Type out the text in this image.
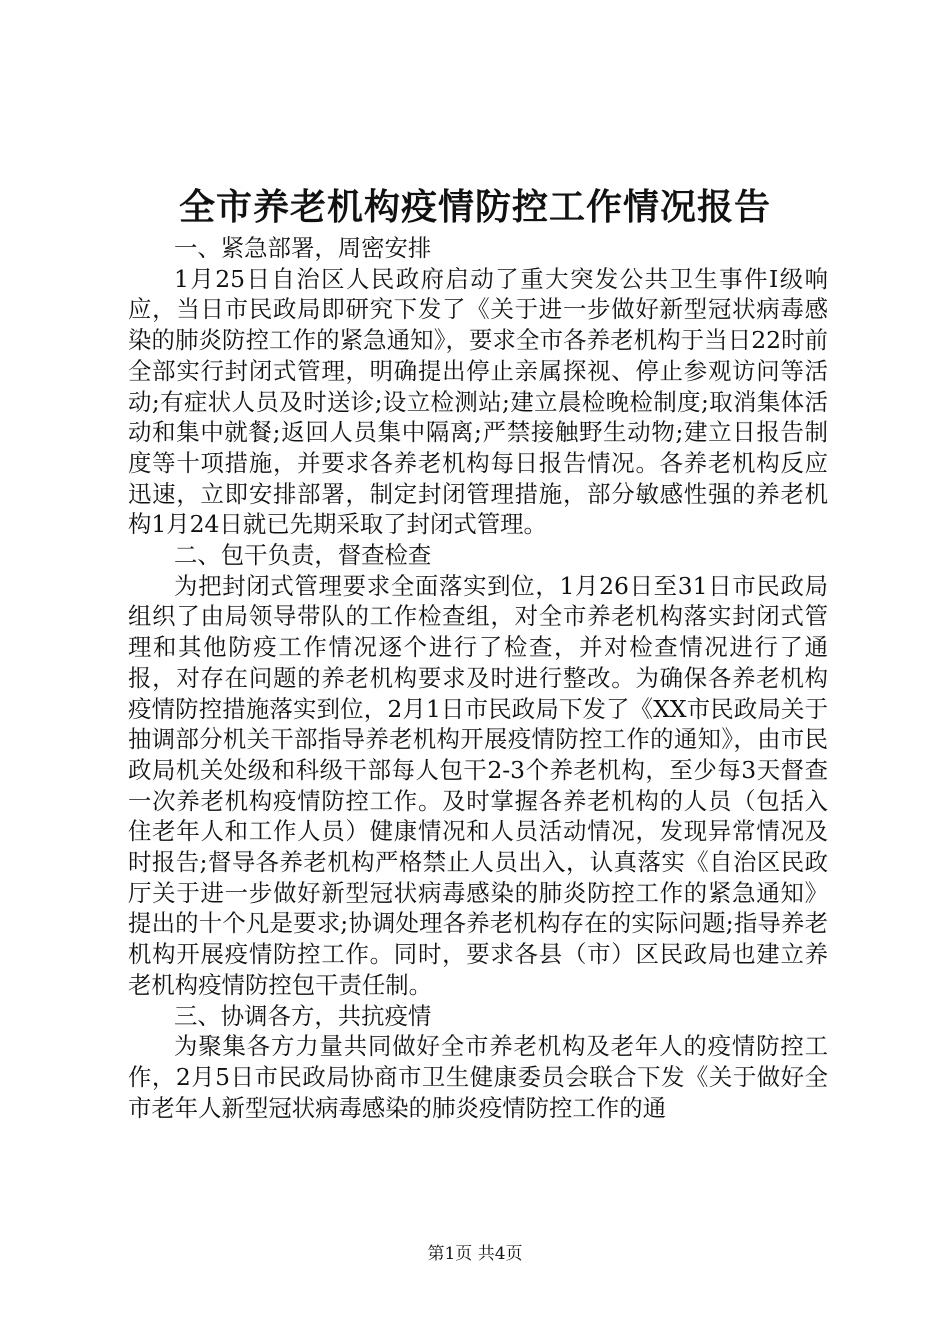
全市养老机构疫情防控工作情况报告

一、紧急部署，周密安排

1月25日自治区人民政府启动了重大突发公共卫生事件Ⅰ级响应，当日市民政局即研究下发了《关于进一步做好新型冠状病毒感染的肺炎防控工作的紧急通知》，要求全市各养老机构于当日22时前全部实行封闭式管理，明确提出停止亲属探视、停止参观访问等活动;有症状人员及时送诊;设立检测站;建立晨检晚检制度;取消集体活动和集中就餐;返回人员集中隔离;严禁接触野生动物;建立日报告制度等十项措施，并要求各养老机构每日报告情况。各养老机构反应迅速，立即安排部署，制定封闭管理措施，部分敏感性强的养老机构1月24日就已先期采取了封闭式管理。

二、包干负责，督查检查

为把封闭式管理要求全面落实到位，1月26日至31日市民政局组织了由局领导带队的工作检查组，对全市养老机构落实封闭式管理和其他防疫工作情况逐个进行了检查，并对检查情况进行了通报，对存在问题的养老机构要求及时进行整改。为确保各养老机构疫情防控措施落实到位，2月1日市民政局下发了《XX市民政局关于抽调部分机关干部指导养老机构开展疫情防控工作的通知》，由市民政局机关处级和科级干部每人包干2-3个养老机构，至少每3天督查一次养老机构疫情防控工作。及时掌握各养老机构的人员（包括入住老年人和工作人员）健康情况和人员活动情况，发现异常情况及时报告;督导各养老机构严格禁止人员出入，认真落实《自治区民政厅关于进一步做好新型冠状病毒感染的肺炎防控工作的紧急通知》提出的十个凡是要求;协调处理各养老机构存在的实际问题;指导养老机构开展疫情防控工作。同时，要求各县（市）区民政局也建立养老机构疫情防控包干责任制。

三、协调各方，共抗疫情

为聚集各方力量共同做好全市养老机构及老年人的疫情防控工作，2月5日市民政局协商市卫生健康委员会联合下发《关于做好全市老年人新型冠状病毒感染的肺炎疫情防控工作的通

第1页 共4页
